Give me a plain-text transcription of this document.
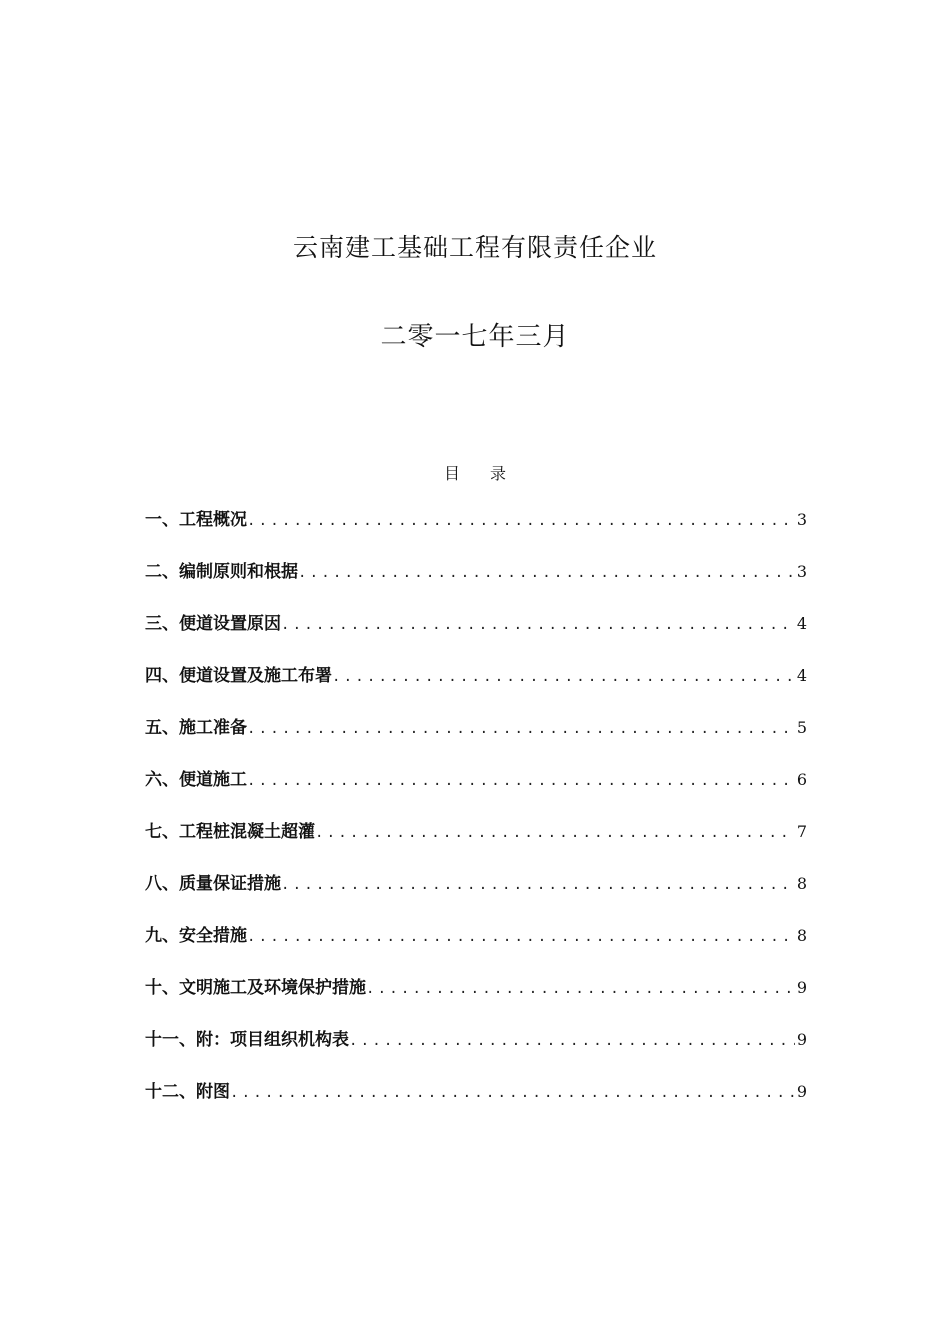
云南建工基础工程有限责任企业
二零一七年三月
目 录
一、工程概况 .....	3
二、编制原则和根据 .....	3
三、便道设置原因 .....	4
四、便道设置及施工布署 .....	4
五、施工准备 .....	5
六、便道施工 .....	6
七、工程桩混凝土超灌 .....	7
八、质量保证措施 .....	8
九、安全措施 .....	8
十、文明施工及环境保护措施 .....	9
十一、附：项目组织机构表 .....	9
十二、附图 .....	9
